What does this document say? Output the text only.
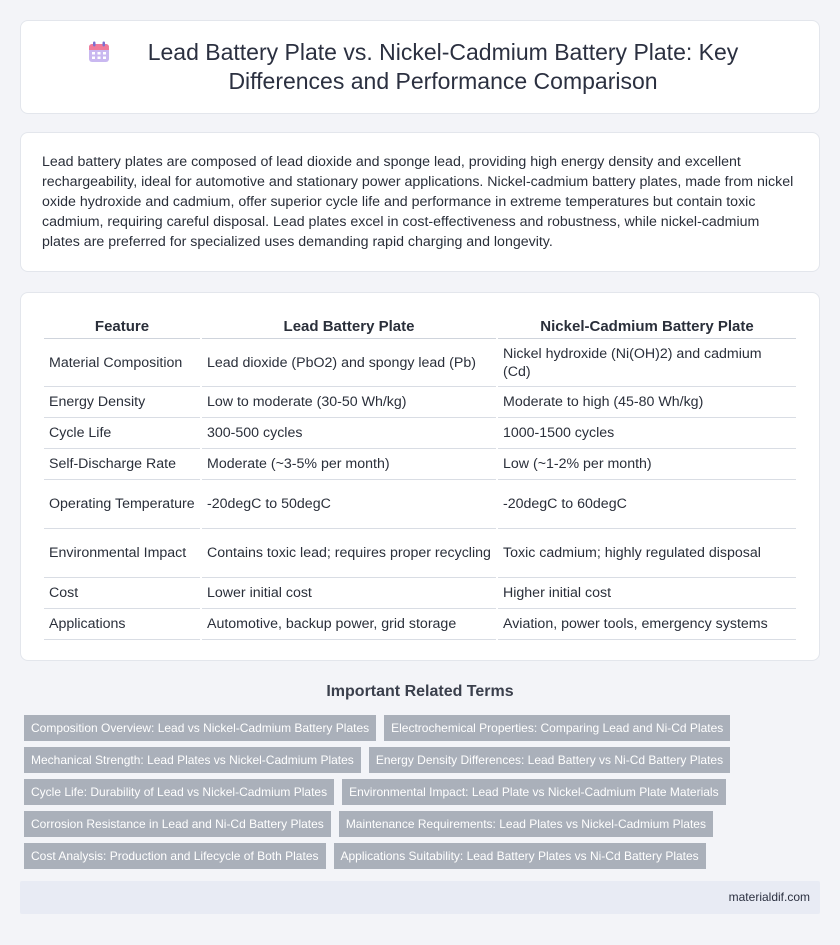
Lead Battery Plate vs. Nickel-Cadmium Battery Plate: Key Differences and Performance Comparison

Lead battery plates are composed of lead dioxide and sponge lead, providing high energy density and excellent rechargeability, ideal for automotive and stationary power applications. Nickel-cadmium battery plates, made from nickel oxide hydroxide and cadmium, offer superior cycle life and performance in extreme temperatures but contain toxic cadmium, requiring careful disposal. Lead plates excel in cost-effectiveness and robustness, while nickel-cadmium plates are preferred for specialized uses demanding rapid charging and longevity.

Feature	Lead Battery Plate	Nickel-Cadmium Battery Plate
Material Composition	Lead dioxide (PbO2) and spongy lead (Pb)	Nickel hydroxide (Ni(OH)2) and cadmium (Cd)
Energy Density	Low to moderate (30-50 Wh/kg)	Moderate to high (45-80 Wh/kg)
Cycle Life	300-500 cycles	1000-1500 cycles
Self-Discharge Rate	Moderate (~3-5% per month)	Low (~1-2% per month)
Operating Temperature	-20degC to 50degC	-20degC to 60degC
Environmental Impact	Contains toxic lead; requires proper recycling	Toxic cadmium; highly regulated disposal
Cost	Lower initial cost	Higher initial cost
Applications	Automotive, backup power, grid storage	Aviation, power tools, emergency systems
Important Related Terms
Composition Overview: Lead vs Nickel-Cadmium Battery Plates	Electrochemical Properties: Comparing Lead and Ni-Cd Plates
Mechanical Strength: Lead Plates vs Nickel-Cadmium Plates	Energy Density Differences: Lead Battery vs Ni-Cd Battery Plates
Cycle Life: Durability of Lead vs Nickel-Cadmium Plates	Environmental Impact: Lead Plate vs Nickel-Cadmium Plate Materials
Corrosion Resistance in Lead and Ni-Cd Battery Plates	Maintenance Requirements: Lead Plates vs Nickel-Cadmium Plates
Cost Analysis: Production and Lifecycle of Both Plates	Applications Suitability: Lead Battery Plates vs Ni-Cd Battery Plates
materialdif.com
